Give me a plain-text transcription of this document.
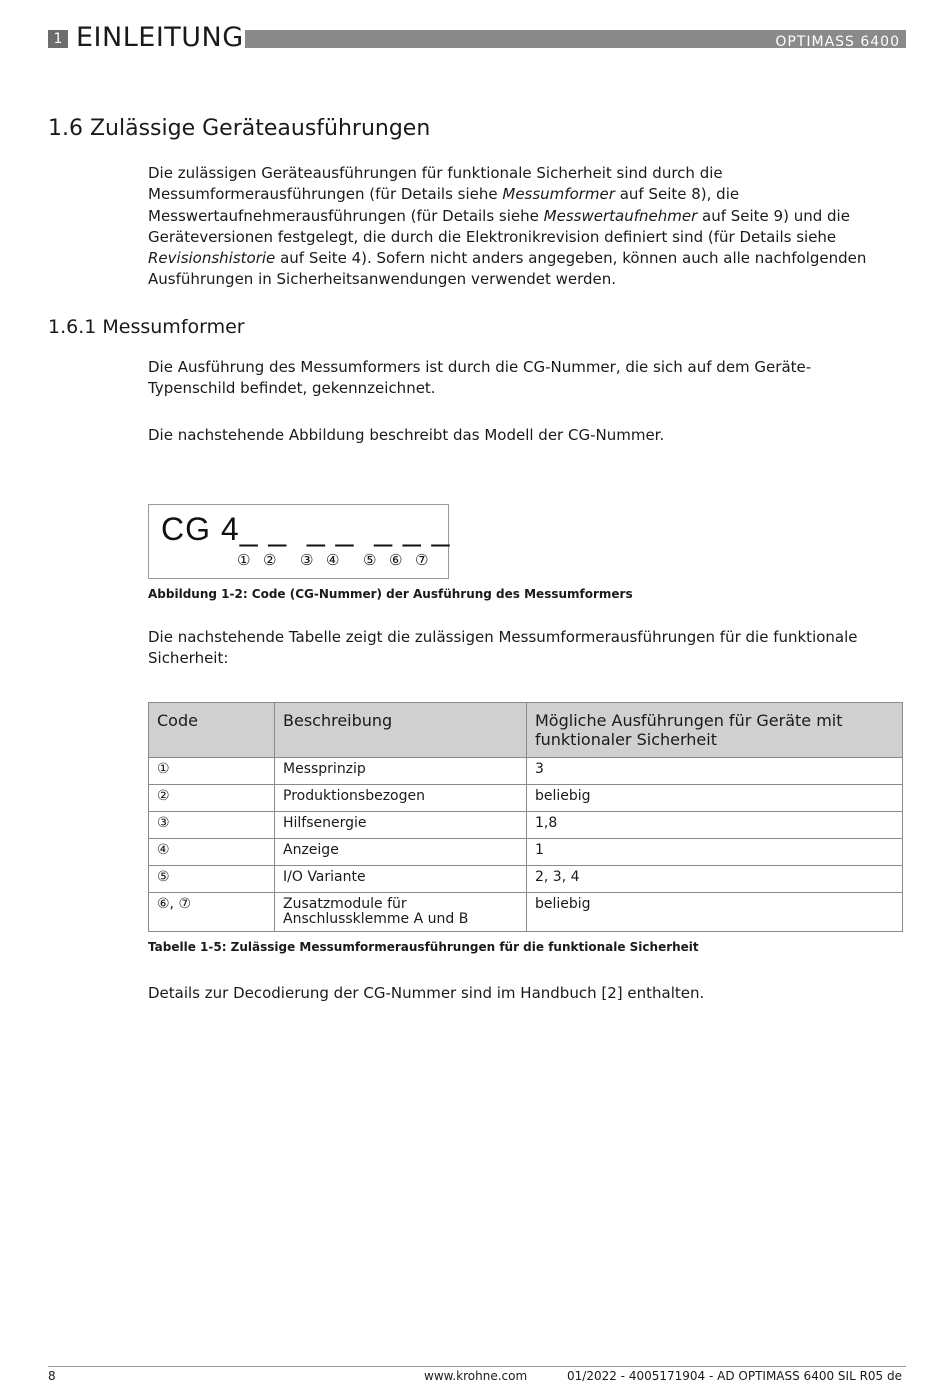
1 EINLEITUNG	OPTIMASS 6400
1.6 Zulässige Geräteausführungen

Die zulässigen Geräteausführungen für funktionale Sicherheit sind durch die Messumformerausführungen (für Details siehe Messumformer auf Seite 8), die Messwertaufnehmerausführungen (für Details siehe Messwertaufnehmer auf Seite 9) und die Geräteversionen festgelegt, die durch die Elektronikrevision definiert sind (für Details siehe Revisionshistorie auf Seite 4). Sofern nicht anders angegeben, können auch alle nachfolgenden Ausführungen in Sicherheitsanwendungen verwendet werden.

1.6.1 Messumformer

Die Ausführung des Messumformers ist durch die CG-Nummer, die sich auf dem Geräte-Typenschild befindet, gekennzeichnet.

Die nachstehende Abbildung beschreibt das Modell der CG-Nummer.

CG 4_ _  _ _  _ _ _
① ② ③ ④ ⑤ ⑥ ⑦
Abbildung 1-2: Code (CG-Nummer) der Ausführung des Messumformers

Die nachstehende Tabelle zeigt die zulässigen Messumformerausführungen für die funktionale Sicherheit:

Code	Beschreibung	Mögliche Ausführungen für Geräte mit funktionaler Sicherheit
①	Messprinzip	3
②	Produktionsbezogen	beliebig
③	Hilfsenergie	1,8
④	Anzeige	1
⑤	I/O Variante	2, 3, 4
⑥, ⑦	Zusatzmodule für Anschlussklemme A und B	beliebig
Tabelle 1-5: Zulässige Messumformerausführungen für die funktionale Sicherheit

Details zur Decodierung der CG-Nummer sind im Handbuch [2] enthalten.

8	www.krohne.com	01/2022 - 4005171904 - AD OPTIMASS 6400 SIL R05 de
